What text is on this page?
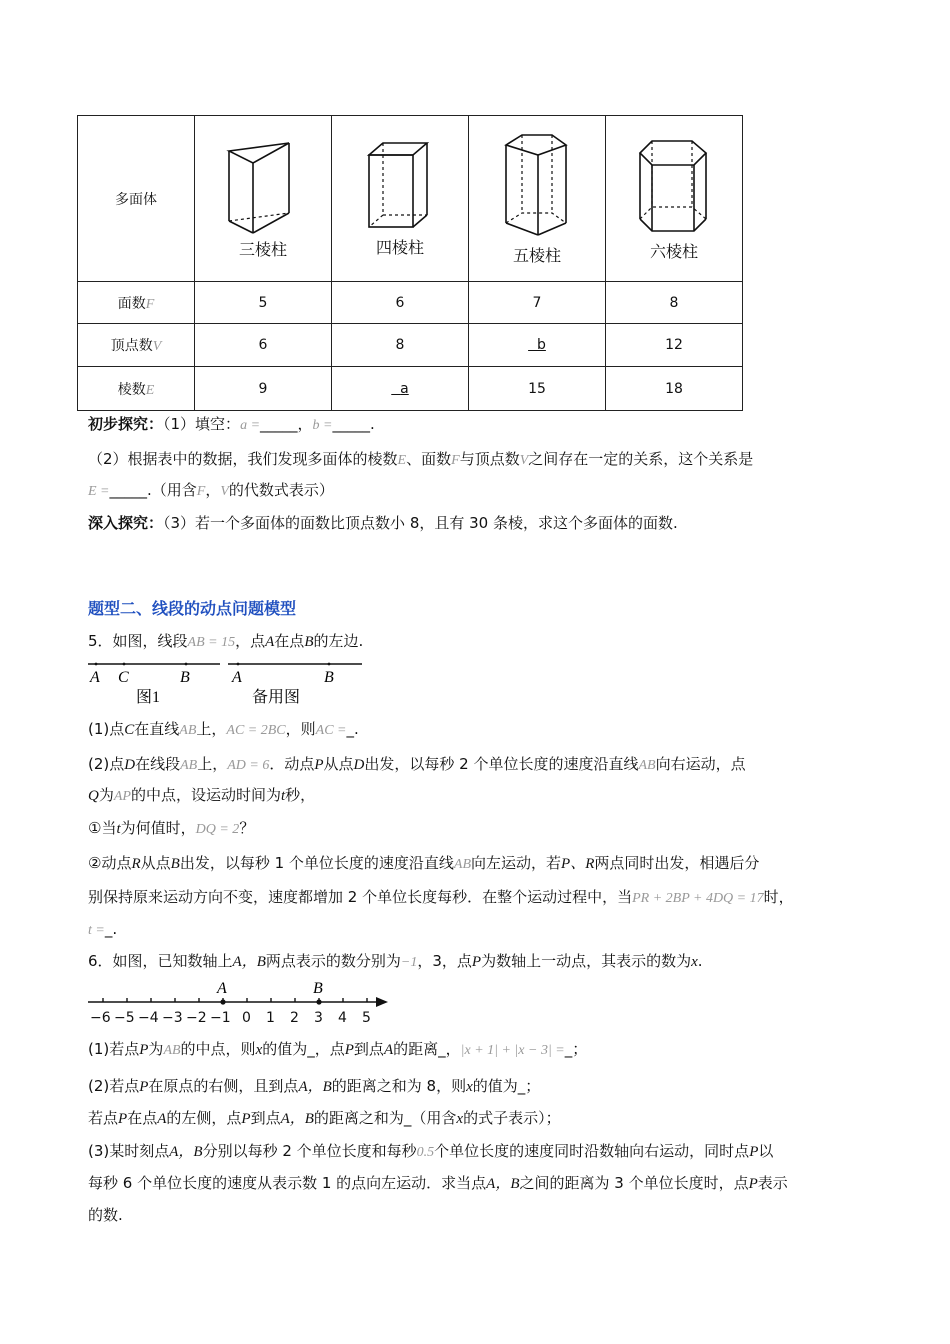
多面体	三棱柱	四棱柱	五棱柱	六棱柱

面数F	5	6	7	8
顶点数V	6	8	b	12
棱数E	9	a	15	18
初步探究：（1）填空：a =_____，b =_____.
（2）根据表中的数据，我们发现多面体的棱数E、面数F与顶点数V之间存在一定的关系，这个关系是
E =_____.（用含F，V的代数式表示）
深入探究：（3）若一个多面体的面数比顶点数小 8，且有 30 条棱，求这个多面体的面数.
题型二、线段的动点问题模型
5．如图，线段AB = 15，点A在点B的左边.
A C	B	A	B
图1	备用图
(1)点C在直线AB上，AC = 2BC，则AC =_.
(2)点D在线段AB上，AD = 6．动点P从点D出发，以每秒 2 个单位长度的速度沿直线AB向右运动，点
Q为AP的中点，设运动时间为t秒，
①当t为何值时，DQ = 2？
②动点R从点B出发，以每秒 1 个单位长度的速度沿直线AB向左运动，若P、R两点同时出发，相遇后分
别保持原来运动方向不变，速度都增加 2 个单位长度每秒．在整个运动过程中，当PR + 2BP + 4DQ = 17时，
t =_.
6．如图，已知数轴上A，B两点表示的数分别为−1，3，点P为数轴上一动点，其表示的数为x.
A	B
−6 −5 −4 −3 −2 −1 0 1 2 3 4 5
(1)若点P为AB的中点，则x的值为_，点P到点A的距离_，|x + 1| + |x − 3| =_；
(2)若点P在原点的右侧，且到点A，B的距离之和为 8，则x的值为_；
若点P在点A的左侧，点P到点A，B的距离之和为_（用含x的式子表示）；
(3)某时刻点A，B分别以每秒 2 个单位长度和每秒0.5个单位长度的速度同时沿数轴向右运动，同时点P以
每秒 6 个单位长度的速度从表示数 1 的点向左运动．求当点A，B之间的距离为 3 个单位长度时，点P表示
的数.
